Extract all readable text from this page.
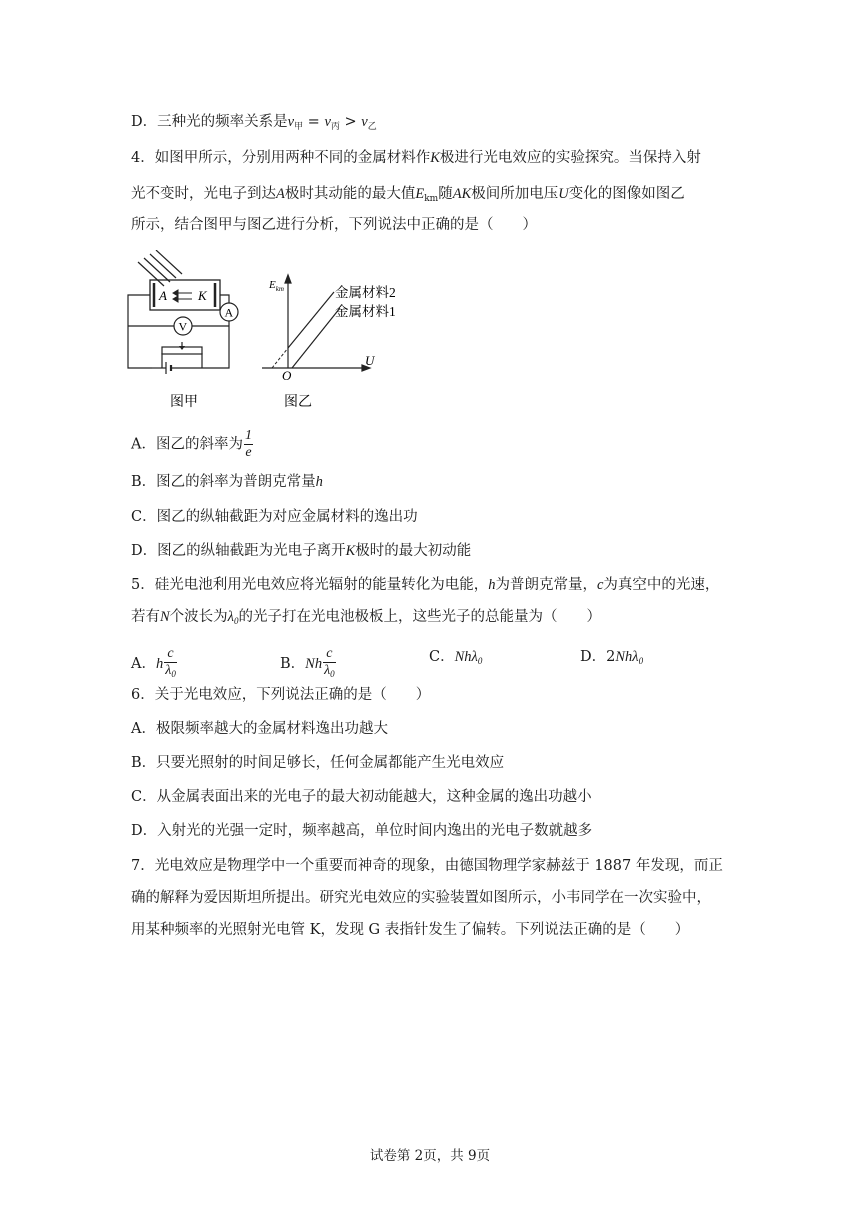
D．三种光的频率关系是$\nu_甲 = \nu_丙 > \nu_乙$
4．如图甲所示，分别用两种不同的金属材料作K极进行光电效应的实验探究。当保持入射
光不变时，光电子到达A极时其动能的最大值$E_{km}$随AK极间所加电压U变化的图像如图乙
所示，结合图甲与图乙进行分析，下列说法中正确的是（　　）
A K
A
V
图甲
$E_{km}$
U
O
金属材料2
金属材料1
图乙
A．图乙的斜率为 $\frac{1}{e}$
B．图乙的斜率为普朗克常量h
C．图乙的纵轴截距为对应金属材料的逸出功
D．图乙的纵轴截距为光电子离开K极时的最大初动能
5．硅光电池利用光电效应将光辐射的能量转化为电能，h为普朗克常量，c为真空中的光速，
若有N个波长为$\lambda_0$的光子打在光电池极板上，这些光子的总能量为（　　）
A．h $\frac{c}{\lambda_0}$	B．Nh $\frac{c}{\lambda_0}$	C．Nhλ$_0$	D．2Nhλ$_0$
6．关于光电效应，下列说法正确的是（　　）
A．极限频率越大的金属材料逸出功越大
B．只要光照射的时间足够长，任何金属都能产生光电效应
C．从金属表面出来的光电子的最大初动能越大，这种金属的逸出功越小
D．入射光的光强一定时，频率越高，单位时间内逸出的光电子数就越多
7．光电效应是物理学中一个重要而神奇的现象，由德国物理学家赫兹于 1887 年发现，而正
确的解释为爱因斯坦所提出。研究光电效应的实验装置如图所示，小韦同学在一次实验中，
用某种频率的光照射光电管 K，发现 G 表指针发生了偏转。下列说法正确的是（　　）
试卷第 2页，共 9页
